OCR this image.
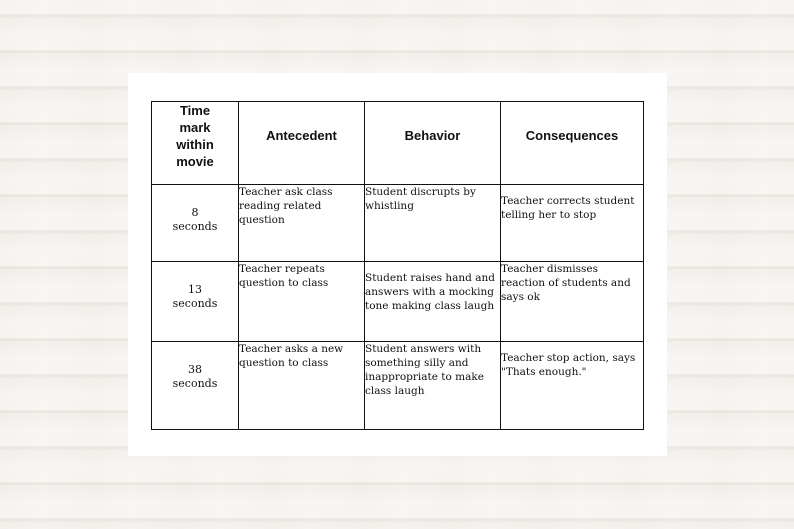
Time
mark
within
movie	Antecedent	Behavior	Consequences

8
seconds	Teacher ask class reading related question	Student discrupts by whistling	Teacher corrects student telling her to stop

13
seconds	Teacher repeats question to class	Student raises hand and answers with a mocking tone making class laugh	Teacher dismisses reaction of students and says ok

38
seconds	Teacher asks a new question to class	Student answers with something silly and inappropriate to make class laugh	Teacher stop action, says "Thats enough."
